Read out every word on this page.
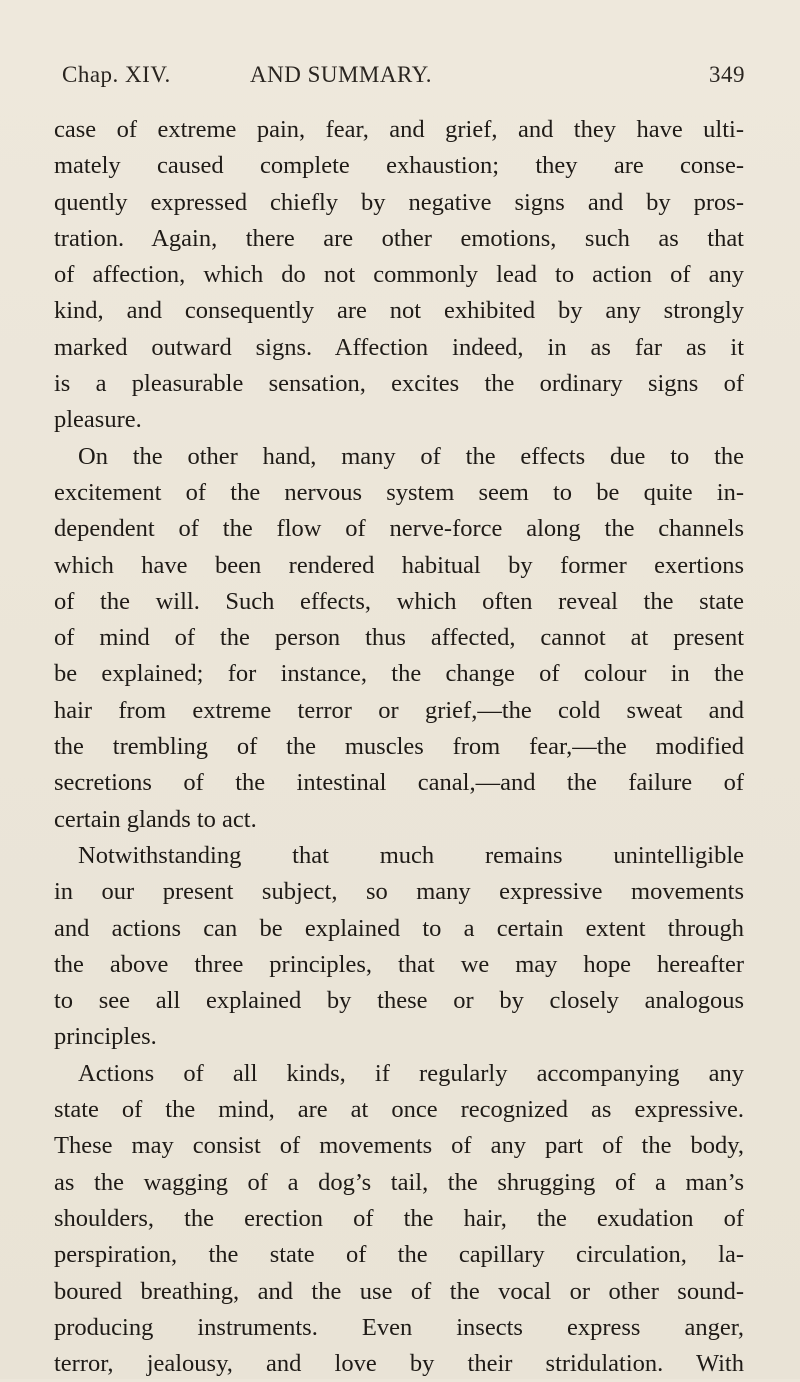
Chap. XIV.	AND SUMMARY.	349

case of extreme pain, fear, and grief, and they have ulti-
mately caused complete exhaustion; they are conse-
quently expressed chiefly by negative signs and by pros-
tration. Again, there are other emotions, such as that
of affection, which do not commonly lead to action of any
kind, and consequently are not exhibited by any strongly
marked outward signs. Affection indeed, in as far as it
is a pleasurable sensation, excites the ordinary signs of
pleasure.

On the other hand, many of the effects due to the
excitement of the nervous system seem to be quite in-
dependent of the flow of nerve-force along the channels
which have been rendered habitual by former exertions
of the will. Such effects, which often reveal the state
of mind of the person thus affected, cannot at present
be explained; for instance, the change of colour in the
hair from extreme terror or grief,—the cold sweat and
the trembling of the muscles from fear,—the modified
secretions of the intestinal canal,—and the failure of
certain glands to act.

Notwithstanding that much remains unintelligible
in our present subject, so many expressive movements
and actions can be explained to a certain extent through
the above three principles, that we may hope hereafter
to see all explained by these or by closely analogous
principles.

Actions of all kinds, if regularly accompanying any
state of the mind, are at once recognized as expressive.
These may consist of movements of any part of the body,
as the wagging of a dog’s tail, the shrugging of a man’s
shoulders, the erection of the hair, the exudation of
perspiration, the state of the capillary circulation, la-
boured breathing, and the use of the vocal or other sound-
producing instruments. Even insects express anger,
terror, jealousy, and love by their stridulation. With
